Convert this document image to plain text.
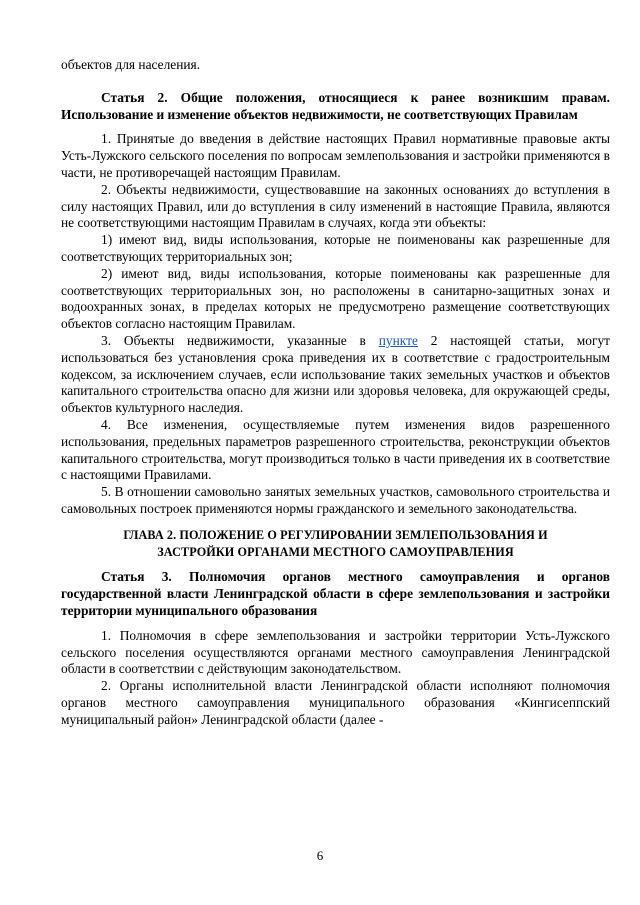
объектов для населения.

Статья 2. Общие положения, относящиеся к ранее возникшим правам. Использование и изменение объектов недвижимости, не соответствующих Правилам

1. Принятые до введения в действие настоящих Правил нормативные правовые акты Усть-Лужского сельского поселения по вопросам землепользования и застройки применяются в части, не противоречащей настоящим Правилам.

2. Объекты недвижимости, существовавшие на законных основаниях до вступления в силу настоящих Правил, или до вступления в силу изменений в настоящие Правила, являются не соответствующими настоящим Правилам в случаях, когда эти объекты:

1) имеют вид, виды использования, которые не поименованы как разрешенные для соответствующих территориальных зон;

2) имеют вид, виды использования, которые поименованы как разрешенные для соответствующих территориальных зон, но расположены в санитарно-защитных зонах и водоохранных зонах, в пределах которых не предусмотрено размещение соответствующих объектов согласно настоящим Правилам.

3. Объекты недвижимости, указанные в пункте 2 настоящей статьи, могут использоваться без установления срока приведения их в соответствие с градостроительным кодексом, за исключением случаев, если использование таких земельных участков и объектов капитального строительства опасно для жизни или здоровья человека, для окружающей среды, объектов культурного наследия.

4. Все изменения, осуществляемые путем изменения видов разрешенного использования, предельных параметров разрешенного строительства, реконструкции объектов капитального строительства, могут производиться только в части приведения их в соответствие с настоящими Правилами.

5. В отношении самовольно занятых земельных участков, самовольного строительства и самовольных построек применяются нормы гражданского и земельного законодательства.

ГЛАВА 2. ПОЛОЖЕНИЕ О РЕГУЛИРОВАНИИ ЗЕМЛЕПОЛЬЗОВАНИЯ И

ЗАСТРОЙКИ ОРГАНАМИ МЕСТНОГО САМОУПРАВЛЕНИЯ

Статья 3. Полномочия органов местного самоуправления и органов государственной власти Ленинградской области в сфере землепользования и застройки территории муниципального образования

1. Полномочия в сфере землепользования и застройки территории Усть-Лужского сельского поселения осуществляются органами местного самоуправления Ленинградской области в соответствии с действующим законодательством.

2. Органы исполнительной власти Ленинградской области исполняют полномочия органов местного самоуправления муниципального образования «Кингисеппский муниципальный район» Ленинградской области (далее -

6
